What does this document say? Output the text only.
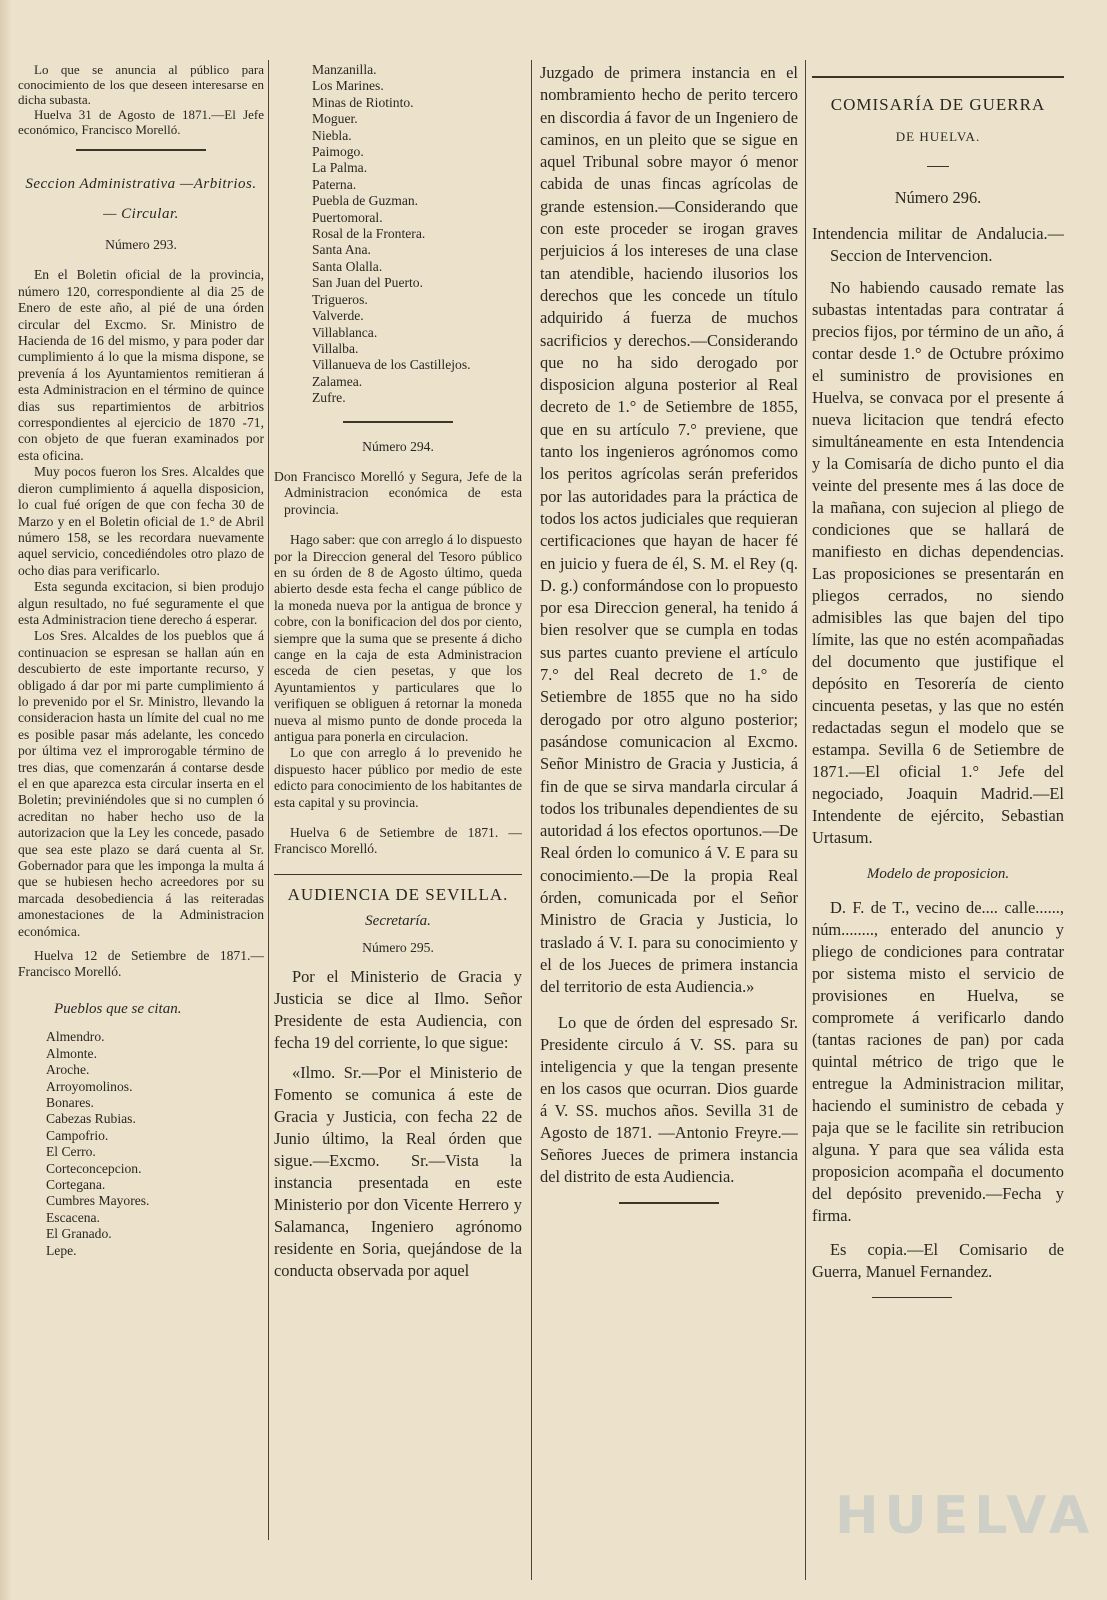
Lo que se anuncia al público para conocimiento de los que deseen interesarse en dicha subasta.

Huelva 31 de Agosto de 1871.—El Jefe económico, Francisco Morelló.

Seccion Administrativa —Arbitrios. — Circular.

Número 293.

En el Boletin oficial de la provincia, número 120, correspondiente al dia 25 de Enero de este año, al pié de una órden circular del Excmo. Sr. Ministro de Hacienda de 16 del mismo, y para poder dar cumplimiento á lo que la misma dispone, se prevenía á los Ayuntamientos remitieran á esta Administracion en el término de quince dias sus repartimientos de arbitrios correspondientes al ejercicio de 1870 -71, con objeto de que fueran examinados por esta oficina.

Muy pocos fueron los Sres. Alcaldes que dieron cumplimiento á aquella disposicion, lo cual fué orígen de que con fecha 30 de Marzo y en el Boletin oficial de 1.° de Abril número 158, se les recordara nuevamente aquel servicio, concediéndoles otro plazo de ocho dias para verificarlo.

Esta segunda excitacion, si bien produjo algun resultado, no fué seguramente el que esta Administracion tiene derecho á esperar.

Los Sres. Alcaldes de los pueblos que á continuacion se espresan se hallan aún en descubierto de este importante recurso, y obligado á dar por mi parte cumplimiento á lo prevenido por el Sr. Ministro, llevando la consideracion hasta un límite del cual no me es posible pasar más adelante, les concedo por última vez el improrogable término de tres dias, que comenzarán á contarse desde el en que aparezca esta circular inserta en el Boletin; previniéndoles que si no cumplen ó acreditan no haber hecho uso de la autorizacion que la Ley les concede, pasado que sea este plazo se dará cuenta al Sr. Gobernador para que les imponga la multa á que se hubiesen hecho acreedores por su marcada desobediencia á las reiteradas amonestaciones de la Administracion económica.

Huelva 12 de Setiembre de 1871.—Francisco Morelló.

Pueblos que se citan.

Almendro.

Almonte.

Aroche.

Arroyomolinos.

Bonares.

Cabezas Rubias.

Campofrio.

El Cerro.

Corteconcepcion.

Cortegana.

Cumbres Mayores.

Escacena.

El Granado.

Lepe.

Manzanilla.

Los Marines.

Minas de Riotinto.

Moguer.

Niebla.

Paimogo.

La Palma.

Paterna.

Puebla de Guzman.

Puertomoral.

Rosal de la Frontera.

Santa Ana.

Santa Olalla.

San Juan del Puerto.

Trigueros.

Valverde.

Villablanca.

Villalba.

Villanueva de los Castillejos.

Zalamea.

Zufre.

Número 294.

Don Francisco Morelló y Segura, Jefe de la Administracion económica de esta provincia.

Hago saber: que con arreglo á lo dispuesto por la Direccion general del Tesoro público en su órden de 8 de Agosto último, queda abierto desde esta fecha el cange público de la moneda nueva por la antigua de bronce y cobre, con la bonificacion del dos por ciento, siempre que la suma que se presente á dicho cange en la caja de esta Administracion esceda de cien pesetas, y que los Ayuntamientos y particulares que lo verifiquen se obliguen á retornar la moneda nueva al mismo punto de donde proceda la antigua para ponerla en circulacion.

Lo que con arreglo á lo prevenido he dispuesto hacer público por medio de este edicto para conocimiento de los habitantes de esta capital y su provincia.

Huelva 6 de Setiembre de 1871. —Francisco Morelló.

AUDIENCIA DE SEVILLA.

Secretaría.

Número 295.

Por el Ministerio de Gracia y Justicia se dice al Ilmo. Señor Presidente de esta Audiencia, con fecha 19 del corriente, lo que sigue:

«Ilmo. Sr.—Por el Ministerio de Fomento se comunica á este de Gracia y Justicia, con fecha 22 de Junio último, la Real órden que sigue.—Excmo. Sr.—Vista la instancia presentada en este Ministerio por don Vicente Herrero y Salamanca, Ingeniero agrónomo residente en Soria, quejándose de la conducta observada por aquel

Juzgado de primera instancia en el nombramiento hecho de perito tercero en discordia á favor de un Ingeniero de caminos, en un pleito que se sigue en aquel Tribunal sobre mayor ó menor cabida de unas fincas agrícolas de grande estension.—Considerando que con este proceder se irogan graves perjuicios á los intereses de una clase tan atendible, haciendo ilusorios los derechos que les concede un título adquirido á fuerza de muchos sacrificios y derechos.—Considerando que no ha sido derogado por disposicion alguna posterior al Real decreto de 1.° de Setiembre de 1855, que en su artículo 7.° previene, que tanto los ingenieros agrónomos como los peritos agrícolas serán preferidos por las autoridades para la práctica de todos los actos judiciales que requieran certificaciones que hayan de hacer fé en juicio y fuera de él, S. M. el Rey (q. D. g.) conformándose con lo propuesto por esa Direccion general, ha tenido á bien resolver que se cumpla en todas sus partes cuanto previene el artículo 7.° del Real decreto de 1.° de Setiembre de 1855 que no ha sido derogado por otro alguno posterior; pasándose comunicacion al Excmo. Señor Ministro de Gracia y Justicia, á fin de que se sirva mandarla circular á todos los tribunales dependientes de su autoridad á los efectos oportunos.—De Real órden lo comunico á V. E para su conocimiento.—De la propia Real órden, comunicada por el Señor Ministro de Gracia y Justicia, lo traslado á V. I. para su conocimiento y el de los Jueces de primera instancia del territorio de esta Audiencia.»

Lo que de órden del espresado Sr. Presidente circulo á V. SS. para su inteligencia y que la tengan presente en los casos que ocurran. Dios guarde á V. SS. muchos años. Sevilla 31 de Agosto de 1871. —Antonio Freyre.—Señores Jueces de primera instancia del distrito de esta Audiencia.

COMISARÍA DE GUERRA

DE HUELVA.

Número 296.

Intendencia militar de Andalucia.—Seccion de Intervencion.

No habiendo causado remate las subastas intentadas para contratar á precios fijos, por término de un año, á contar desde 1.° de Octubre próximo el suministro de provisiones en Huelva, se convaca por el presente á nueva licitacion que tendrá efecto simultáneamente en esta Intendencia y la Comisaría de dicho punto el dia veinte del presente mes á las doce de la mañana, con sujecion al pliego de condiciones que se hallará de manifiesto en dichas dependencias. Las proposiciones se presentarán en pliegos cerrados, no siendo admisibles las que bajen del tipo límite, las que no estén acompañadas del documento que justifique el depósito en Tesorería de ciento cincuenta pesetas, y las que no estén redactadas segun el modelo que se estampa. Sevilla 6 de Setiembre de 1871.—El oficial 1.° Jefe del negociado, Joaquin Madrid.—El Intendente de ejército, Sebastian Urtasum.

Modelo de proposicion.

D. F. de T., vecino de.... calle......, núm........, enterado del anuncio y pliego de condiciones para contratar por sistema misto el servicio de provisiones en Huelva, se compromete á verificarlo dando (tantas raciones de pan) por cada quintal métrico de trigo que le entregue la Administracion militar, haciendo el suministro de cebada y paja que se le facilite sin retribucion alguna. Y para que sea válida esta proposicion acompaña el documento del depósito prevenido.—Fecha y firma.

Es copia.—El Comisario de Guerra, Manuel Fernandez.

HUELVA
